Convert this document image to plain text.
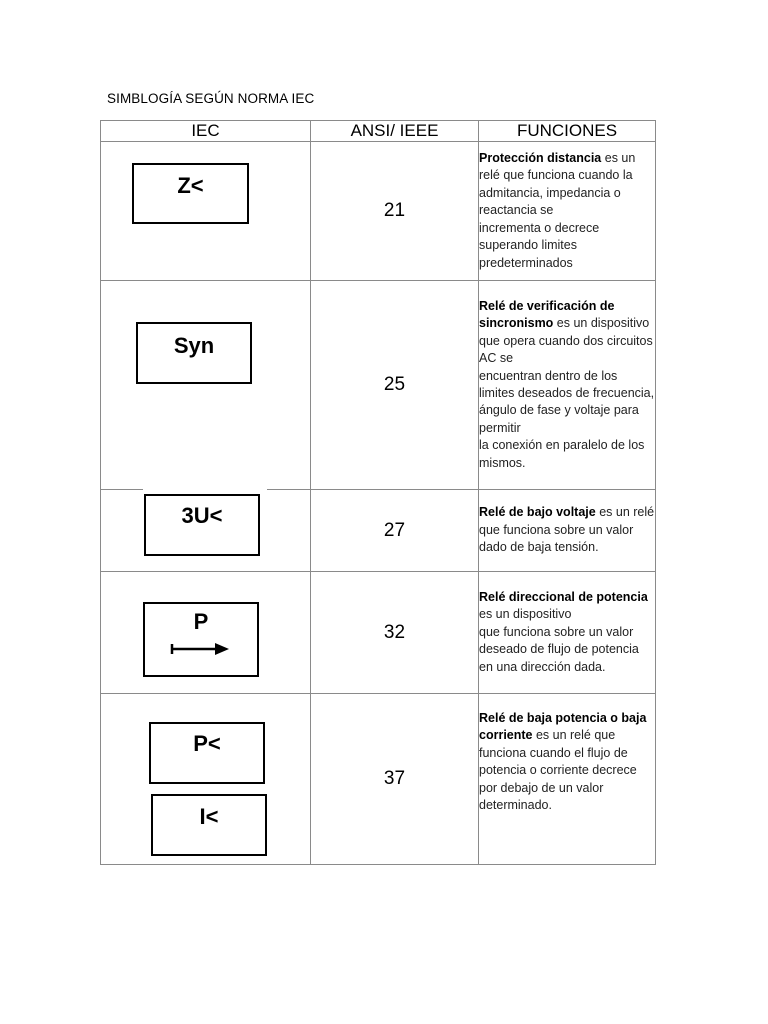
SIMBLOGÍA SEGÚN NORMA IEC
IEC	ANSI/ IEEE	FUNCIONES

Z<	21	Protección distancia es un relé que funciona cuando la admitancia, impedancia o reactancia se
incrementa o decrece superando limites predeterminados

Syn	25	Relé de verificación de sincronismo es un dispositivo que opera cuando dos circuitos AC se
encuentran dentro de los limites deseados de frecuencia, ángulo de fase y voltaje para permitir
la conexión en paralelo de los mismos.

3U<	27	Relé de bajo voltaje es un relé que funciona sobre un valor dado de baja tensión.

P	32	Relé direccional de potencia es un dispositivo
que funciona sobre un valor deseado de flujo de potencia en una dirección dada.

P<
I<	37	Relé de baja potencia o baja corriente es un relé que funciona cuando el flujo de potencia o corriente decrece por debajo de un valor determinado.
